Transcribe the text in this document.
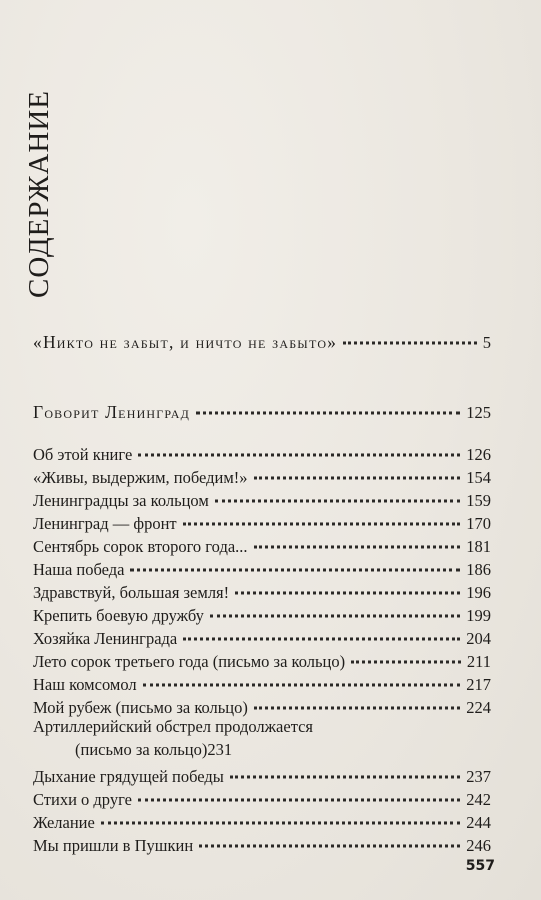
СОДЕРЖАНИЕ
«Никто не забыт, и ничто не забыто»	5
Говорит Ленинград	125
Об этой книге	126
«Живы, выдержим, победим!»	154
Ленинградцы за кольцом	159
Ленинград — фронт	170
Сентябрь сорок второго года...	181
Наша победа	186
Здравствуй, большая земля!	196
Крепить боевую дружбу	199
Хозяйка Ленинграда	204
Лето сорок третьего года (письмо за кольцо)	211
Наш комсомол	217
Мой рубеж (письмо за кольцо)	224
Артиллерийский обстрел продолжается
(письмо за кольцо) 231
Дыхание грядущей победы	237
Стихи о друге	242
Желание	244
Мы пришли в Пушкин	246
557
